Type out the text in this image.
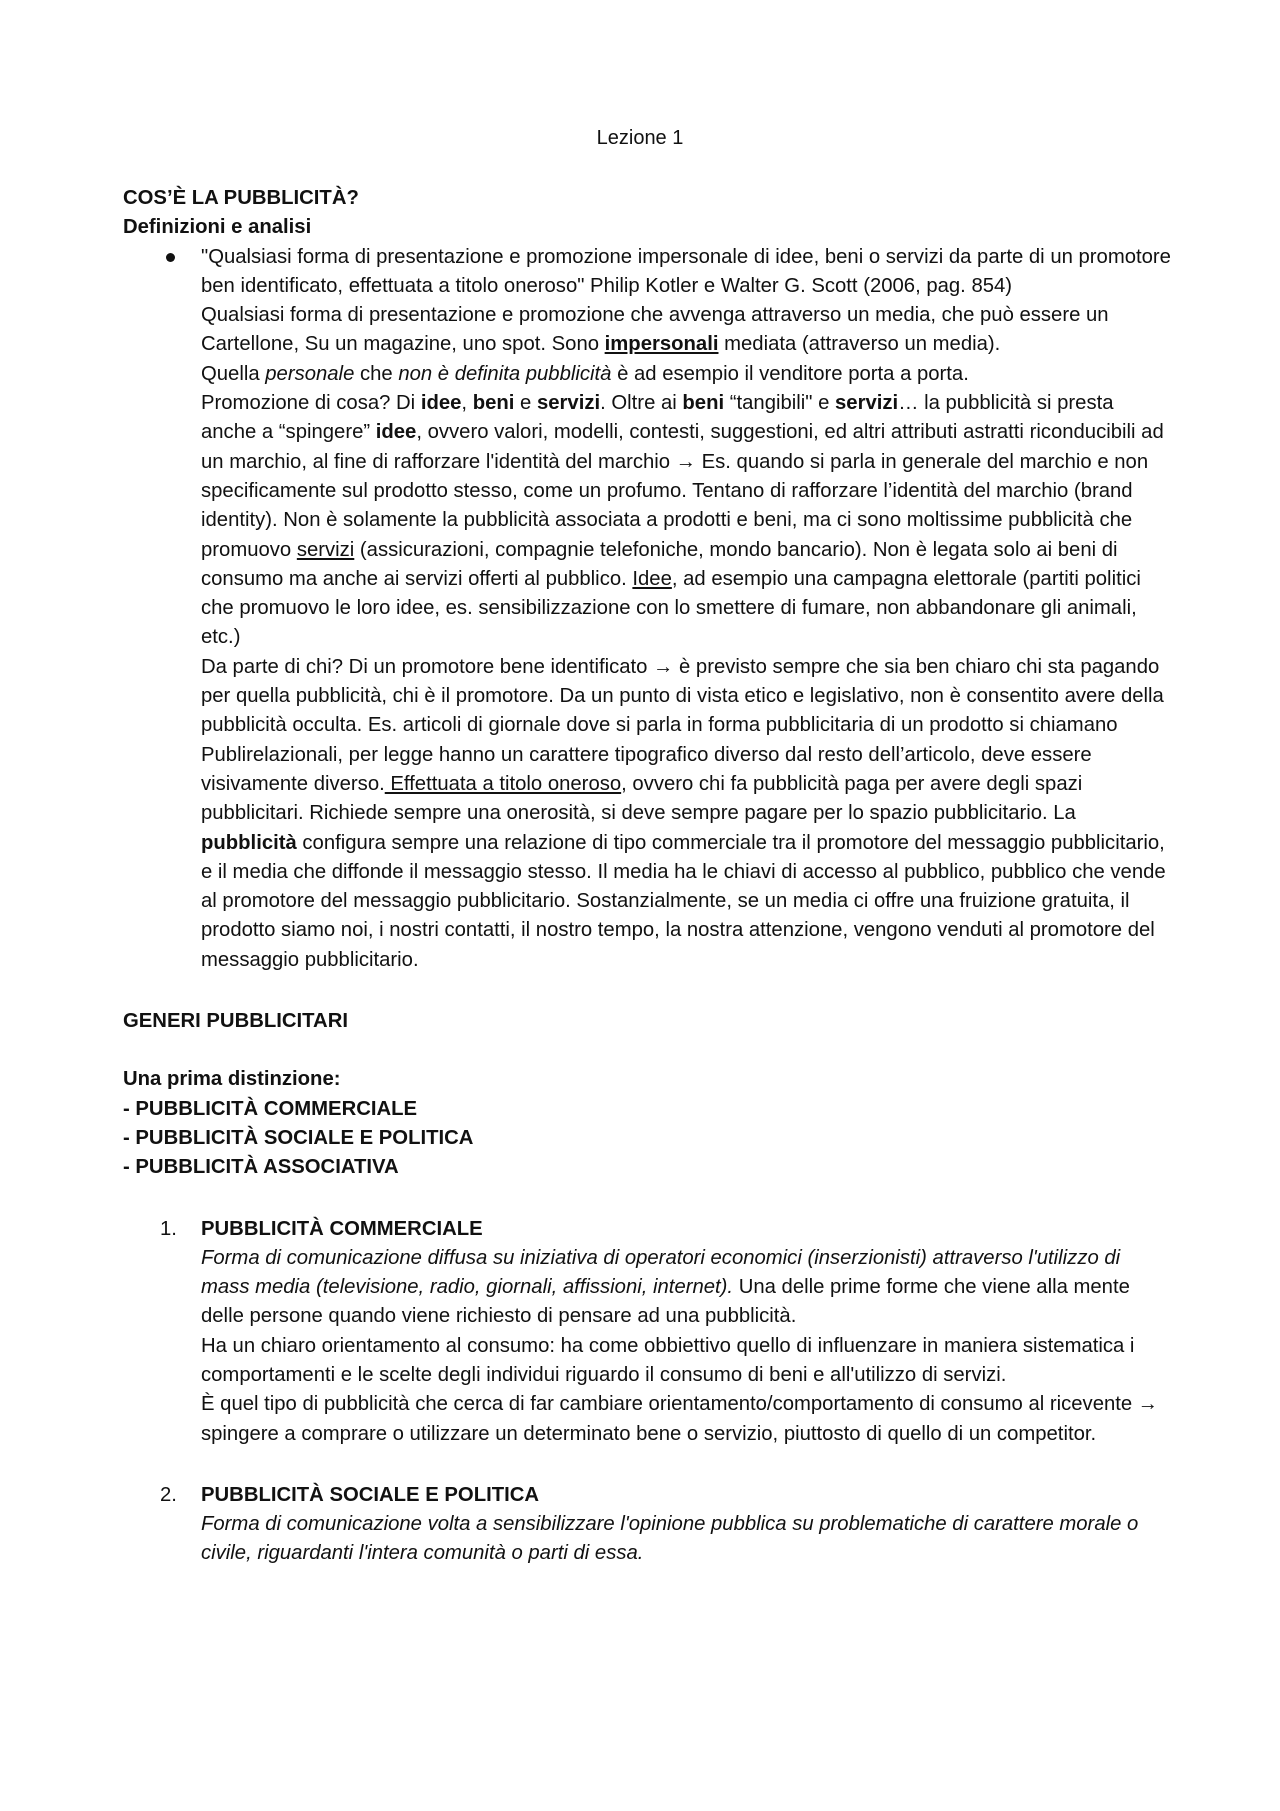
Lezione 1

COS’È LA PUBBLICITÀ?

Definizioni e analisi

"Qualsiasi forma di presentazione e promozione impersonale di idee, beni o servizi da parte di un promotore ben identificato, effettuata a titolo oneroso" Philip Kotler e Walter G. Scott (2006, pag. 854)

Qualsiasi forma di presentazione e promozione che avvenga attraverso un media, che può essere un Cartellone, Su un magazine, uno spot. Sono impersonali mediata (attraverso un media).

Quella personale che non è definita pubblicità è ad esempio il venditore porta a porta.

Promozione di cosa? Di idee, beni e servizi. Oltre ai beni “tangibili" e servizi… la pubblicità si presta anche a “spingere” idee, ovvero valori, modelli, contesti, suggestioni, ed altri attributi astratti riconducibili ad un marchio, al fine di rafforzare l'identità del marchio → Es. quando si parla in generale del marchio e non specificamente sul prodotto stesso, come un profumo. Tentano di rafforzare l’identità del marchio (brand identity). Non è solamente la pubblicità associata a prodotti e beni, ma ci sono moltissime pubblicità che promuovo servizi (assicurazioni, compagnie telefoniche, mondo bancario). Non è legata solo ai beni di consumo ma anche ai servizi offerti al pubblico. Idee, ad esempio una campagna elettorale (partiti politici che promuovo le loro idee, es. sensibilizzazione con lo smettere di fumare, non abbandonare gli animali, etc.)

Da parte di chi? Di un promotore bene identificato → è previsto sempre che sia ben chiaro chi sta pagando per quella pubblicità, chi è il promotore. Da un punto di vista etico e legislativo, non è consentito avere della pubblicità occulta. Es. articoli di giornale dove si parla in forma pubblicitaria di un prodotto si chiamano Publirelazionali, per legge hanno un carattere tipografico diverso dal resto dell’articolo, deve essere visivamente diverso. Effettuata a titolo oneroso, ovvero chi fa pubblicità paga per avere degli spazi pubblicitari. Richiede sempre una onerosità, si deve sempre pagare per lo spazio pubblicitario. La pubblicità configura sempre una relazione di tipo commerciale tra il promotore del messaggio pubblicitario, e il media che diffonde il messaggio stesso. Il media ha le chiavi di accesso al pubblico, pubblico che vende al promotore del messaggio pubblicitario. Sostanzialmente, se un media ci offre una fruizione gratuita, il prodotto siamo noi, i nostri contatti, il nostro tempo, la nostra attenzione, vengono venduti al promotore del messaggio pubblicitario.

GENERI PUBBLICITARI

Una prima distinzione:

- PUBBLICITÀ COMMERCIALE

- PUBBLICITÀ SOCIALE E POLITICA

- PUBBLICITÀ ASSOCIATIVA

1. PUBBLICITÀ COMMERCIALE

Forma di comunicazione diffusa su iniziativa di operatori economici (inserzionisti) attraverso l'utilizzo di mass media (televisione, radio, giornali, affissioni, internet). Una delle prime forme che viene alla mente delle persone quando viene richiesto di pensare ad una pubblicità.

Ha un chiaro orientamento al consumo: ha come obbiettivo quello di influenzare in maniera sistematica i comportamenti e le scelte degli individui riguardo il consumo di beni e all'utilizzo di servizi.

È quel tipo di pubblicità che cerca di far cambiare orientamento/comportamento di consumo al ricevente → spingere a comprare o utilizzare un determinato bene o servizio, piuttosto di quello di un competitor.

2. PUBBLICITÀ SOCIALE E POLITICA

Forma di comunicazione volta a sensibilizzare l'opinione pubblica su problematiche di carattere morale o civile, riguardanti l'intera comunità o parti di essa.
